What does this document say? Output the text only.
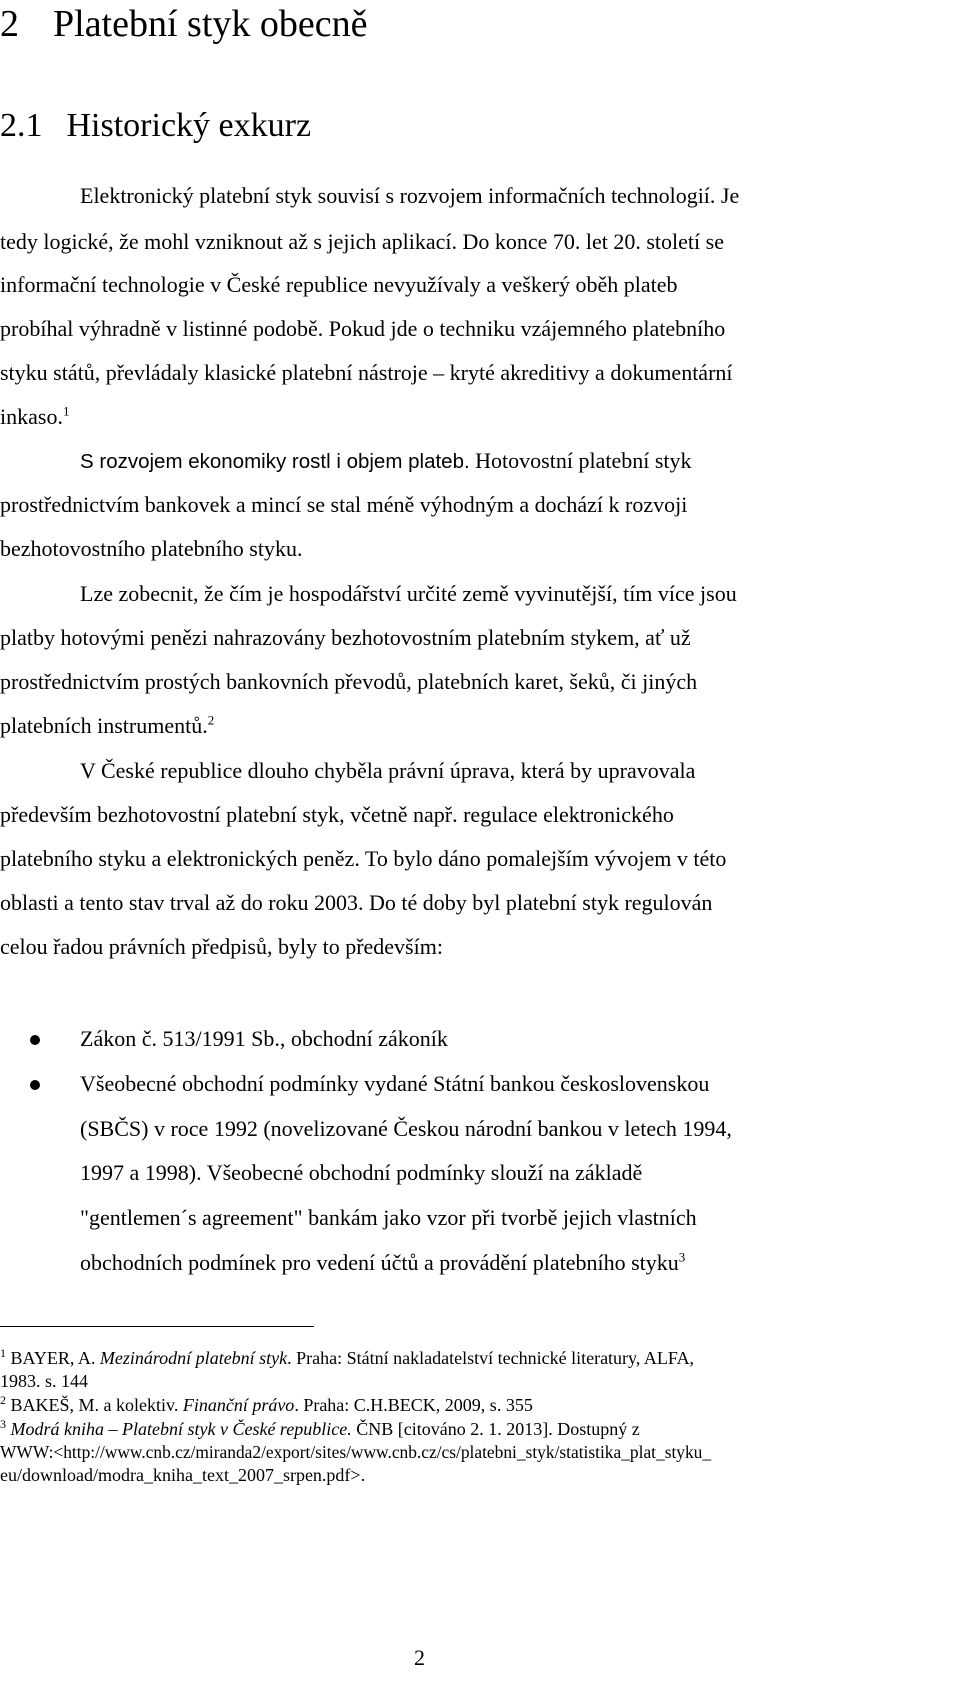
2 Platební styk obecně
2.1 Historický exkurz
Elektronický platební styk souvisí s rozvojem informačních technologií. Je
tedy logické, že mohl vzniknout až s jejich aplikací. Do konce 70. let 20. století se
informační technologie v České republice nevyužívaly a veškerý oběh plateb
probíhal výhradně v listinné podobě. Pokud jde o techniku vzájemného platebního
styku států, převládaly klasické platební nástroje – kryté akreditivy a dokumentární
inkaso.$^1$
S rozvojem ekonomiky rostl i objem plateb. Hotovostní platební styk
prostřednictvím bankovek a mincí se stal méně výhodným a dochází k rozvoji
bezhotovostního platebního styku.
Lze zobecnit, že čím je hospodářství určité země vyvinutější, tím více jsou
platby hotovými penězi nahrazovány bezhotovostním platebním stykem, ať už
prostřednictvím prostých bankovních převodů, platebních karet, šeků, či jiných
platebních instrumentů.$^2$
V České republice dlouho chyběla právní úprava, která by upravovala
především bezhotovostní platební styk, včetně např. regulace elektronického
platebního styku a elektronických peněz. To bylo dáno pomalejším vývojem v této
oblasti a tento stav trval až do roku 2003. Do té doby byl platební styk regulován
celou řadou právních předpisů, byly to především:
Zákon č. 513/1991 Sb., obchodní zákoník
Všeobecné obchodní podmínky vydané Státní bankou československou
(SBČS) v roce 1992 (novelizované Českou národní bankou v letech 1994,
1997 a 1998). Všeobecné obchodní podmínky slouží na základě
"gentlemen´s agreement" bankám jako vzor při tvorbě jejich vlastních
obchodních podmínek pro vedení účtů a provádění platebního styku$^3$
$^1$ BAYER, A. Mezinárodní platební styk. Praha: Státní nakladatelství technické literatury, ALFA,
1983. s. 144
$^2$ BAKEŠ, M. a kolektiv. Finanční právo. Praha: C.H.BECK, 2009, s. 355
$^3$ Modrá kniha – Platební styk v České republice. ČNB [citováno 2. 1. 2013]. Dostupný z
WWW:<http://www.cnb.cz/miranda2/export/sites/www.cnb.cz/cs/platebni_styk/statistika_plat_styku_
eu/download/modra_kniha_text_2007_srpen.pdf>.
2
